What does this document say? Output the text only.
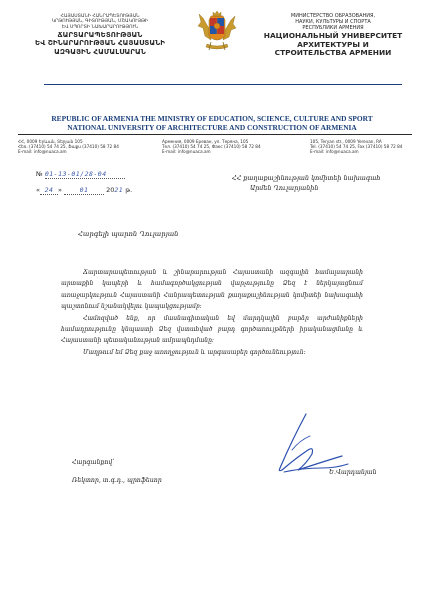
ՀԱՅԱՍՏԱՆԻ ՀԱՆՐԱՊԵՏՈՒԹՅԱՆ
ԿՐԹՈՒԹՅԱՆ, ԳԻՏՈՒԹՅԱՆ, ՄՇԱԿՈՒՅԹԻ
ԵՎ ՍՊՈՐՏԻ ՆԱԽԱՐԱՐՈՒԹՅՈՒՆ
ՃԱՐՏԱՐԱՊԵՏՈՒԹՅԱՆ
ԵՎ ՇԻՆԱՐԱՐՈՒԹՅԱՆ ՀԱՅԱՍՏԱՆԻ
ԱԶԳԱՅԻՆ ՀԱՄԱԼՍԱՐԱՆ
МИНИСТЕРСТВО ОБРАЗОВАНИЯ,
НАУКИ, КУЛЬТУРЫ И СПОРТА
РЕСПУБЛИКИ АРМЕНИЯ
НАЦИОНАЛЬНЫЙ УНИВЕРСИТЕТ
АРХИТЕКТУРЫ И
СТРОИТЕЛЬСТВА АРМЕНИИ
REPUBLIC OF ARMENIA THE MINISTRY OF EDUCATION, SCIENCE, CULTURE AND SPORT
NATIONAL UNIVERSITY OF ARCHITECTURE AND CONSTRUCTION OF ARMENIA
ՀՀ, 0009 Երևան, Տերյան 105
Հեռ. (37410) 54 74 25, Ֆաքս (37410) 58 72 84
E-mail: info@nuaca.am
Армения, 0009 Ереван, ул. Теряна, 105
Тел. (37410) 54 74 25, Факс (37410) 58 72 84
E-mail: info@nuaca.am
105, Teryan str., 0009 Yerevan, RA
Tel. (37410) 54 74 25, Fax (37410) 58 72 84
E-mail: info@nuaca.am
№ 01-13-01/28-04
« 24 » 01	2021 թ.
ՀՀ քաղաքաշինության կոմիտեի նախագահ
Արմեն Ղուլարյանին
Հարգելի պարոն Ղուլարյան

Ճարտարապետության և շինարարության Հայաստանի ազգային համալսարանի արտաքին կապերի և համագործակցության վարչությունը Ձեզ է ներկայացնում առաջարկություն Հայաստանի Հանրապետության քաղաքաշինության կոմիտեի նախագահի պաշտոնում նշանակվելու կապակցությամբ:

Համոզված ենք, որ մասնագիտական եվ մարդկային բարձր արժանիքների համադրությունը կնպաստի Ձեզ վստահված բարդ գործառույթների իրականացմանը և Հայաստանի պետականության ամրապնդմանը:

Մաղթում եմ Ձեզ քաջ առողջություն և արգասաբեր գործունեություն:

Հարգանքով՝
Ռեկտոր, տ.գ.դ., պրոֆեսոր
Ե.Վարդանյան
